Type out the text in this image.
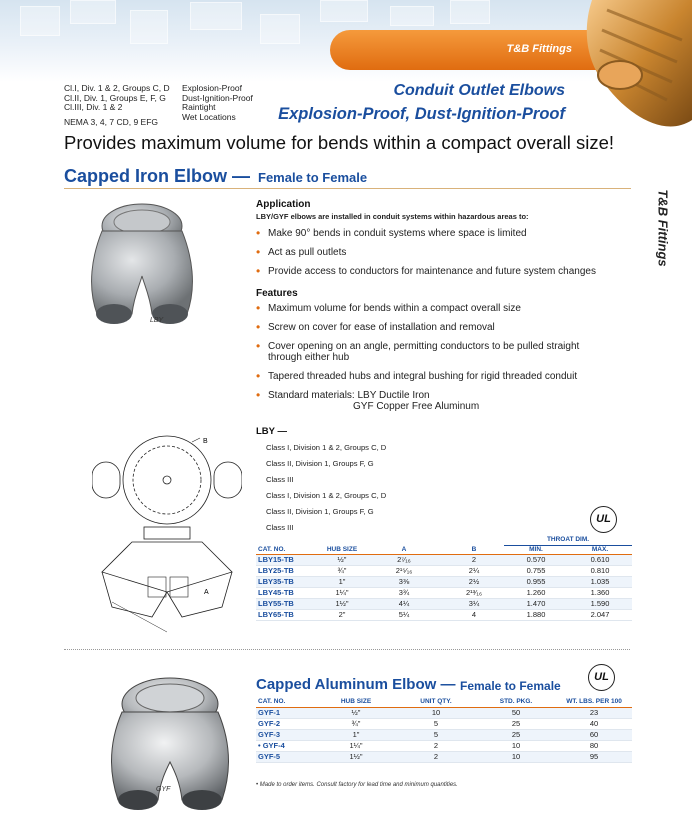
T&B Fittings
Cl.I, Div. 1 & 2, Groups C, D
Cl.II, Div. 1, Groups E, F, G
Cl.III, Div. 1 & 2
Explosion-Proof
Dust-Ignition-Proof
Raintight
Wet Locations
NEMA 3, 4, 7 CD, 9 EFG
Conduit Outlet Elbows
Explosion-Proof, Dust-Ignition-Proof
Provides maximum volume for bends within a compact overall size!
Capped Iron Elbow — Female to Female
T&B Fittings
LBY
Application
LBY/GYF elbows are installed in conduit systems within hazardous areas to:
• Make 90° bends in conduit systems where space is limited
• Act as pull outlets
• Provide access to conductors for maintenance and future system changes
Features
• Maximum volume for bends within a compact overall size
• Screw on cover for ease of installation and removal
• Cover opening on an angle, permitting conductors to be pulled straight through either hub
• Tapered threaded hubs and integral bushing for rigid threaded conduit
• Standard materials: LBY Ductile Iron
GYF Copper Free Aluminum
LBY —
Class I, Division 1 & 2, Groups C, D
Class II, Division 1, Groups F, G
Class III
Class I, Division 1 & 2, Groups C, D
Class II, Division 1, Groups F, G
Class III
B
A
UL
				THROAT DIM.	
CAT. NO.	HUB SIZE	A	B	MIN.	MAX.
LBY15-TB	½"	2⁷⁄₁₆	2	0.570	0.610
LBY25-TB	¾"	2¹⁵⁄₁₆	2¼	0.755	0.810
LBY35-TB	1"	3⅜	2½	0.955	1.035
LBY45-TB	1¼"	3¾	2¹³⁄₁₆	1.260	1.360
LBY55-TB	1½"	4¼	3¼	1.470	1.590
LBY65-TB	2"	5¼	4	1.880	2.047
GYF
Capped Aluminum Elbow — Female to Female
UL
CAT. NO.	HUB SIZE	UNIT QTY.	STD. PKG.	WT. LBS. PER 100
GYF-1	½"	10	50	23
GYF-2	¾"	5	25	40
GYF-3	1"	5	25	60
• GYF-4	1¼"	2	10	80
GYF-5	1½"	2	10	95
• Made to order items. Consult factory for lead time and minimum quantities.
